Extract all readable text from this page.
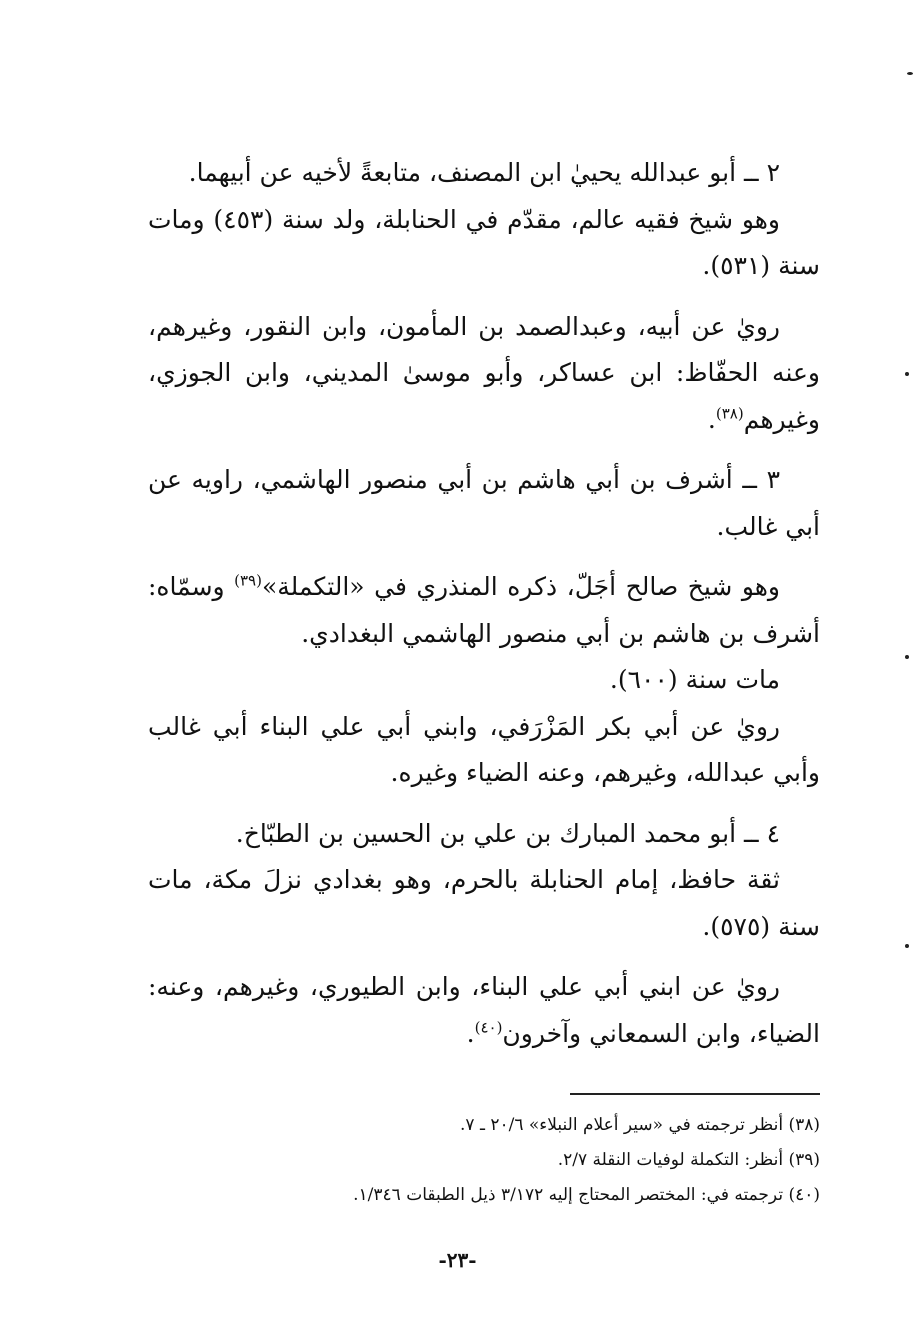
٢ ــ أبو عبدالله يحييٰ ابن المصنف، متابعةً لأخيه عن أبيهما.

وهو شيخ فقيه عالم، مقدّم في الحنابلة، ولد سنة (٤٥٣) ومات سنة (٥٣١).

رويٰ عن أبيه، وعبدالصمد بن المأمون، وابن النقور، وغيرهم، وعنه الحفّاظ: ابن عساكر، وأبو موسىٰ المديني، وابن الجوزي، وغيرهم$^{(٣٨)}$.

٣ ــ أشرف بن أبي هاشم بن أبي منصور الهاشمي، راويه عن أبي غالب.

وهو شيخ صالح أجَلّ، ذكره المنذري في «التكملة»$^{(٣٩)}$ وسمّاه: أشرف بن هاشم بن أبي منصور الهاشمي البغدادي.

مات سنة (٦٠٠).

رويٰ عن أبي بكر المَزْرَفي، وابني أبي علي البناء أبي غالب وأبي عبدالله، وغيرهم، وعنه الضياء وغيره.

٤ ــ أبو محمد المبارك بن علي بن الحسين بن الطبّاخ.

ثقة حافظ، إمام الحنابلة بالحرم، وهو بغدادي نزلَ مكة، مات سنة (٥٧٥).

رويٰ عن ابني أبي علي البناء، وابن الطيوري، وغيرهم، وعنه: الضياء، وابن السمعاني وآخرون$^{(٤٠)}$.

(٣٨) أنظر ترجمته في «سير أعلام النبلاء» ٢٠/٦ ـ ٧.

(٣٩) أنظر: التكملة لوفيات النقلة ٢/٧.

(٤٠) ترجمته في: المختصر المحتاج إليه ٣/١٧٢ ذيل الطبقات ١/٣٤٦.

-٢٣-
